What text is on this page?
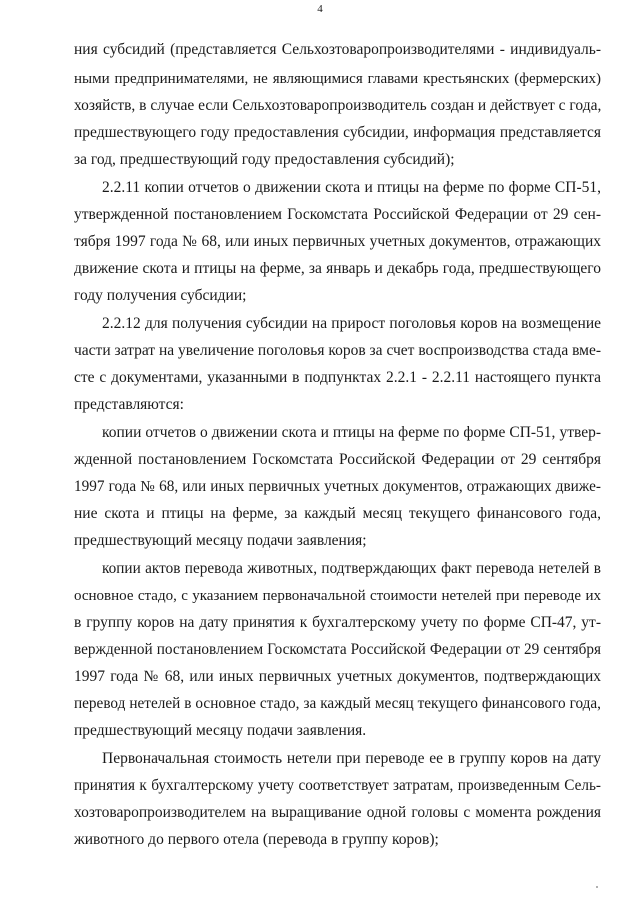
4
ния субсидий (представляется Сельхозтоваропроизводителями - индивидуаль-
ными предпринимателями, не являющимися главами крестьянских (фермерских)
хозяйств, в случае если Сельхозтоваропроизводитель создан и действует с года,
предшествующего году предоставления субсидии, информация представляется
за год, предшествующий году предоставления субсидий);
2.2.11 копии отчетов о движении скота и птицы на ферме по форме СП-51,
утвержденной постановлением Госкомстата Российской Федерации от 29 сен-
тября 1997 года № 68, или иных первичных учетных документов, отражающих
движение скота и птицы на ферме, за январь и декабрь года, предшествующего
году получения субсидии;
2.2.12 для получения субсидии на прирост поголовья коров на возмещение
части затрат на увеличение поголовья коров за счет воспроизводства стада вме-
сте с документами, указанными в подпунктах 2.2.1 - 2.2.11 настоящего пункта
представляются:
копии отчетов о движении скота и птицы на ферме по форме СП-51, утвер-
жденной постановлением Госкомстата Российской Федерации от 29 сентября
1997 года № 68, или иных первичных учетных документов, отражающих движе-
ние скота и птицы на ферме, за каждый месяц текущего финансового года,
предшествующий месяцу подачи заявления;
копии актов перевода животных, подтверждающих факт перевода нетелей в
основное стадо, с указанием первоначальной стоимости нетелей при переводе их
в группу коров на дату принятия к бухгалтерскому учету по форме СП-47, ут-
вержденной постановлением Госкомстата Российской Федерации от 29 сентября
1997 года № 68, или иных первичных учетных документов, подтверждающих
перевод нетелей в основное стадо, за каждый месяц текущего финансового года,
предшествующий месяцу подачи заявления.
Первоначальная стоимость нетели при переводе ее в группу коров на дату
принятия к бухгалтерскому учету соответствует затратам, произведенным Сель-
хозтоваропроизводителем на выращивание одной головы с момента рождения
животного до первого отела (перевода в группу коров);
